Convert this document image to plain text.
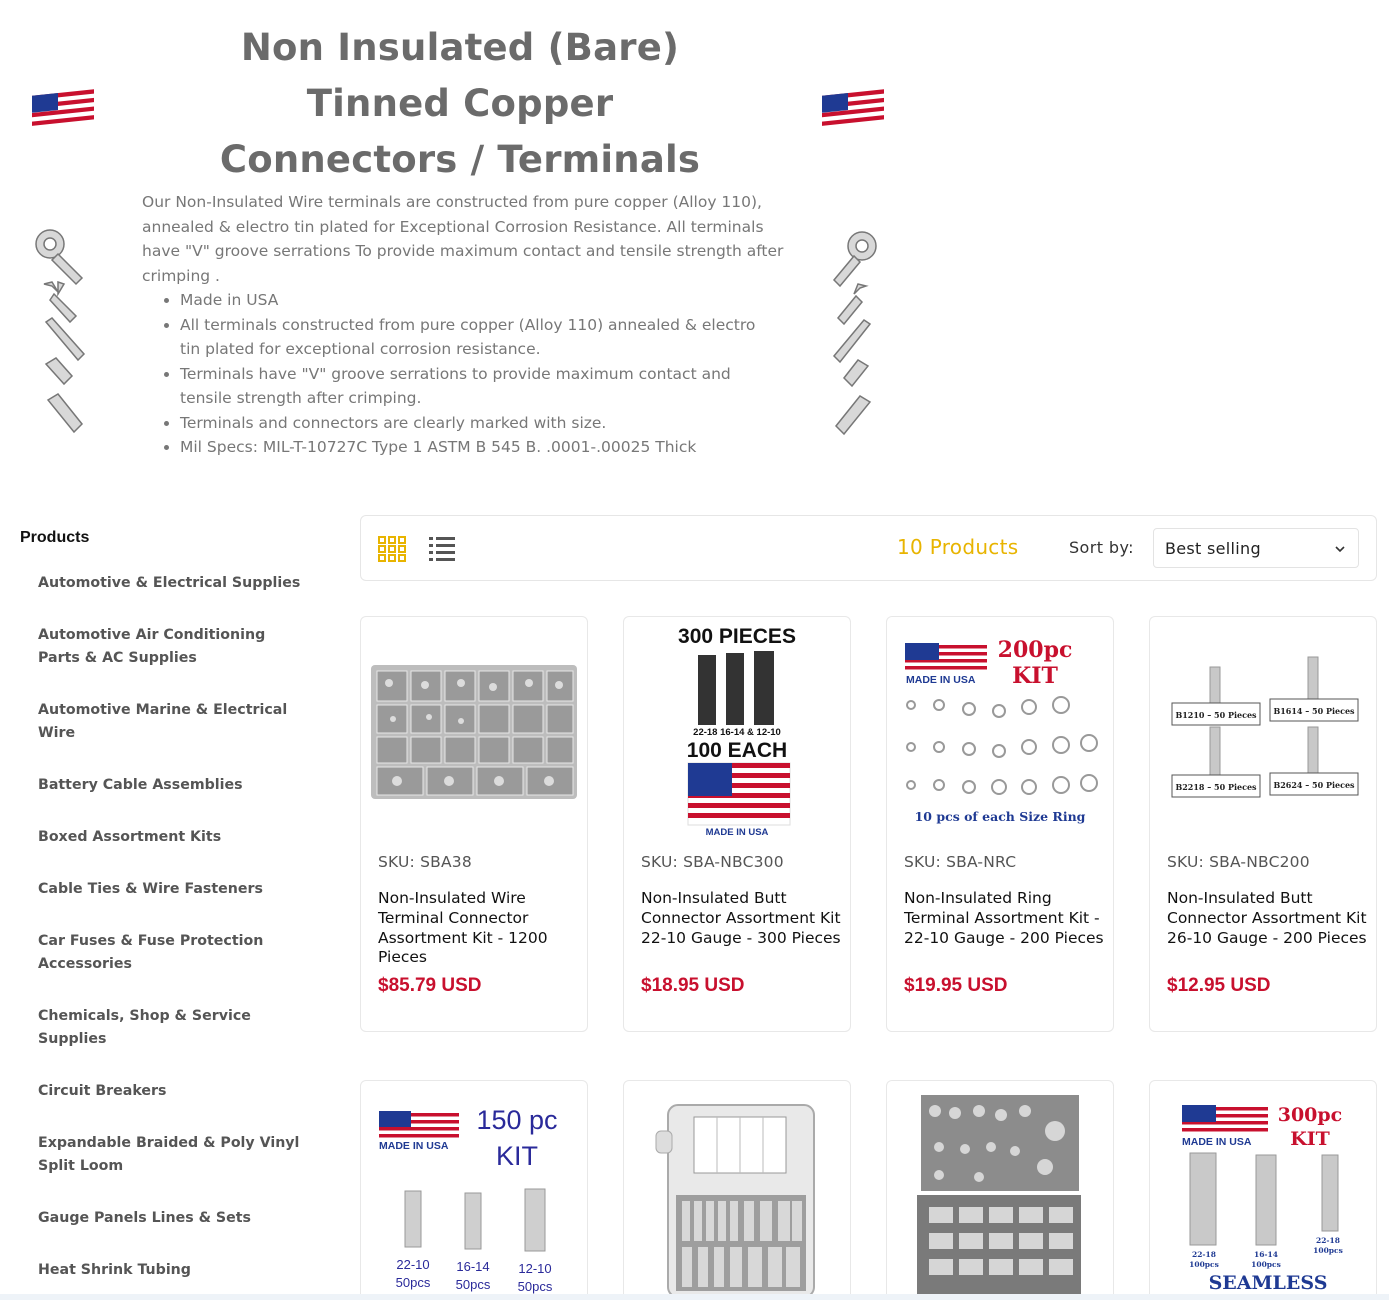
Non Insulated (Bare)
Tinned Copper
Connectors / Terminals

Our Non-Insulated Wire terminals are constructed from pure copper (Alloy 110), annealed & electro tin plated for Exceptional Corrosion Resistance. All terminals have "V" groove serrations To provide maximum contact and tensile strength after crimping .

Made in USA
All terminals constructed from pure copper (Alloy 110) annealed & electro tin plated for exceptional corrosion resistance.
Terminals have "V" groove serrations to provide maximum contact and tensile strength after crimping.
Terminals and connectors are clearly marked with size.
Mil Specs: MIL-T-10727C Type 1 ASTM B 545 B. .0001-.00025 Thick
Products
Automotive & Electrical Supplies
Automotive Air Conditioning Parts & AC Supplies
Automotive Marine & Electrical Wire
Battery Cable Assemblies
Boxed Assortment Kits
Cable Ties & Wire Fasteners
Car Fuses & Fuse Protection Accessories
Chemicals, Shop & Service Supplies
Circuit Breakers
Expandable Braided & Poly Vinyl Split Loom
Gauge Panels Lines & Sets
Heat Shrink Tubing
10 Products	Sort by: Best selling
SKU: SBA38
Non-Insulated Wire Terminal Connector Assortment Kit - 1200 Pieces
$85.79 USD
300 PIECES
22-18 16-14 & 12-10
100 EACH
MADE IN USA
SKU: SBA-NBC300
Non-Insulated Butt Connector Assortment Kit 22-10 Gauge - 300 Pieces
$18.95 USD
MADE IN USA
200pc
KIT
10 pcs of each Size Ring
SKU: SBA-NRC
Non-Insulated Ring Terminal Assortment Kit - 22-10 Gauge - 200 Pieces
$19.95 USD
B1210 – 50 Pieces B1614 – 50 Pieces
B2218 – 50 Pieces B2624 – 50 Pieces
SKU: SBA-NBC200
Non-Insulated Butt Connector Assortment Kit 26-10 Gauge - 200 Pieces
$12.95 USD
MADE IN USA
150 pc
KIT
22-10 16-14 12-10
50pcs 50pcs 50pcs
MADE IN USA
300pc
KIT
22-18	16-14
22-18
100pcs	100pcs
100pcs
SEAMLESS
